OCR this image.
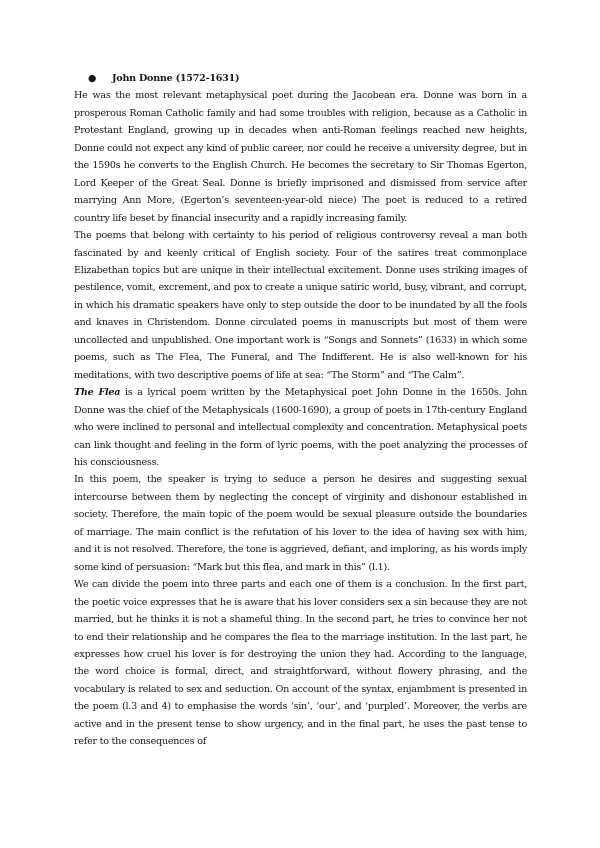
● John Donne (1572-1631)

He was the most relevant metaphysical poet during the Jacobean era. Donne was born in a prosperous Roman Catholic family and had some troubles with religion, because as a Catholic in Protestant England, growing up in decades when anti-Roman feelings reached new heights, Donne could not expect any kind of public career, nor could he receive a university degree, but in the 1590s he converts to the English Church. He becomes the secretary to Sir Thomas Egerton, Lord Keeper of the Great Seal. Donne is briefly imprisoned and dismissed from service after marrying Ann More, (Egerton’s seventeen-year-old niece) The poet is reduced to a retired country life beset by financial insecurity and a rapidly increasing family.

The poems that belong with certainty to his period of religious controversy reveal a man both fascinated by and keenly critical of English society. Four of the satires treat commonplace Elizabethan topics but are unique in their intellectual excitement. Donne uses striking images of pestilence, vomit, excrement, and pox to create a unique satiric world, busy, vibrant, and corrupt, in which his dramatic speakers have only to step outside the door to be inundated by all the fools and knaves in Christendom. Donne circulated poems in manuscripts but most of them were uncollected and unpublished. One important work is “Songs and Sonnets” (1633) in which some poems, such as The Flea, The Funeral, and The Indifferent. He is also well-known for his meditations, with two descriptive poems of life at sea: “The Storm” and “The Calm”.

The Flea is a lyrical poem written by the Metaphysical poet John Donne in the 1650s. John Donne was the chief of the Metaphysicals (1600-1690), a group of poets in 17th-century England who were inclined to personal and intellectual complexity and concentration. Metaphysical poets can link thought and feeling in the form of lyric poems, with the poet analyzing the processes of his consciousness.

In this poem, the speaker is trying to seduce a person he desires and suggesting sexual intercourse between them by neglecting the concept of virginity and dishonour established in society. Therefore, the main topic of the poem would be sexual pleasure outside the boundaries of marriage. The main conflict is the refutation of his lover to the idea of having sex with him, and it is not resolved. Therefore, the tone is aggrieved, defiant, and imploring, as his words imply some kind of persuasion: “Mark but this flea, and mark in this” (l.1).

We can divide the poem into three parts and each one of them is a conclusion. In the first part, the poetic voice expresses that he is aware that his lover considers sex a sin because they are not married, but he thinks it is not a shameful thing. In the second part, he tries to convince her not to end their relationship and he compares the flea to the marriage institution. In the last part, he expresses how cruel his lover is for destroying the union they had. According to the language, the word choice is formal, direct, and straightforward, without flowery phrasing, and the vocabulary is related to sex and seduction. On account of the syntax, enjambment is presented in the poem (l.3 and 4) to emphasise the words ‘sin’, ‘our’, and ‘purpled’. Moreover, the verbs are active and in the present tense to show urgency, and in the final part, he uses the past tense to refer to the consequences of
